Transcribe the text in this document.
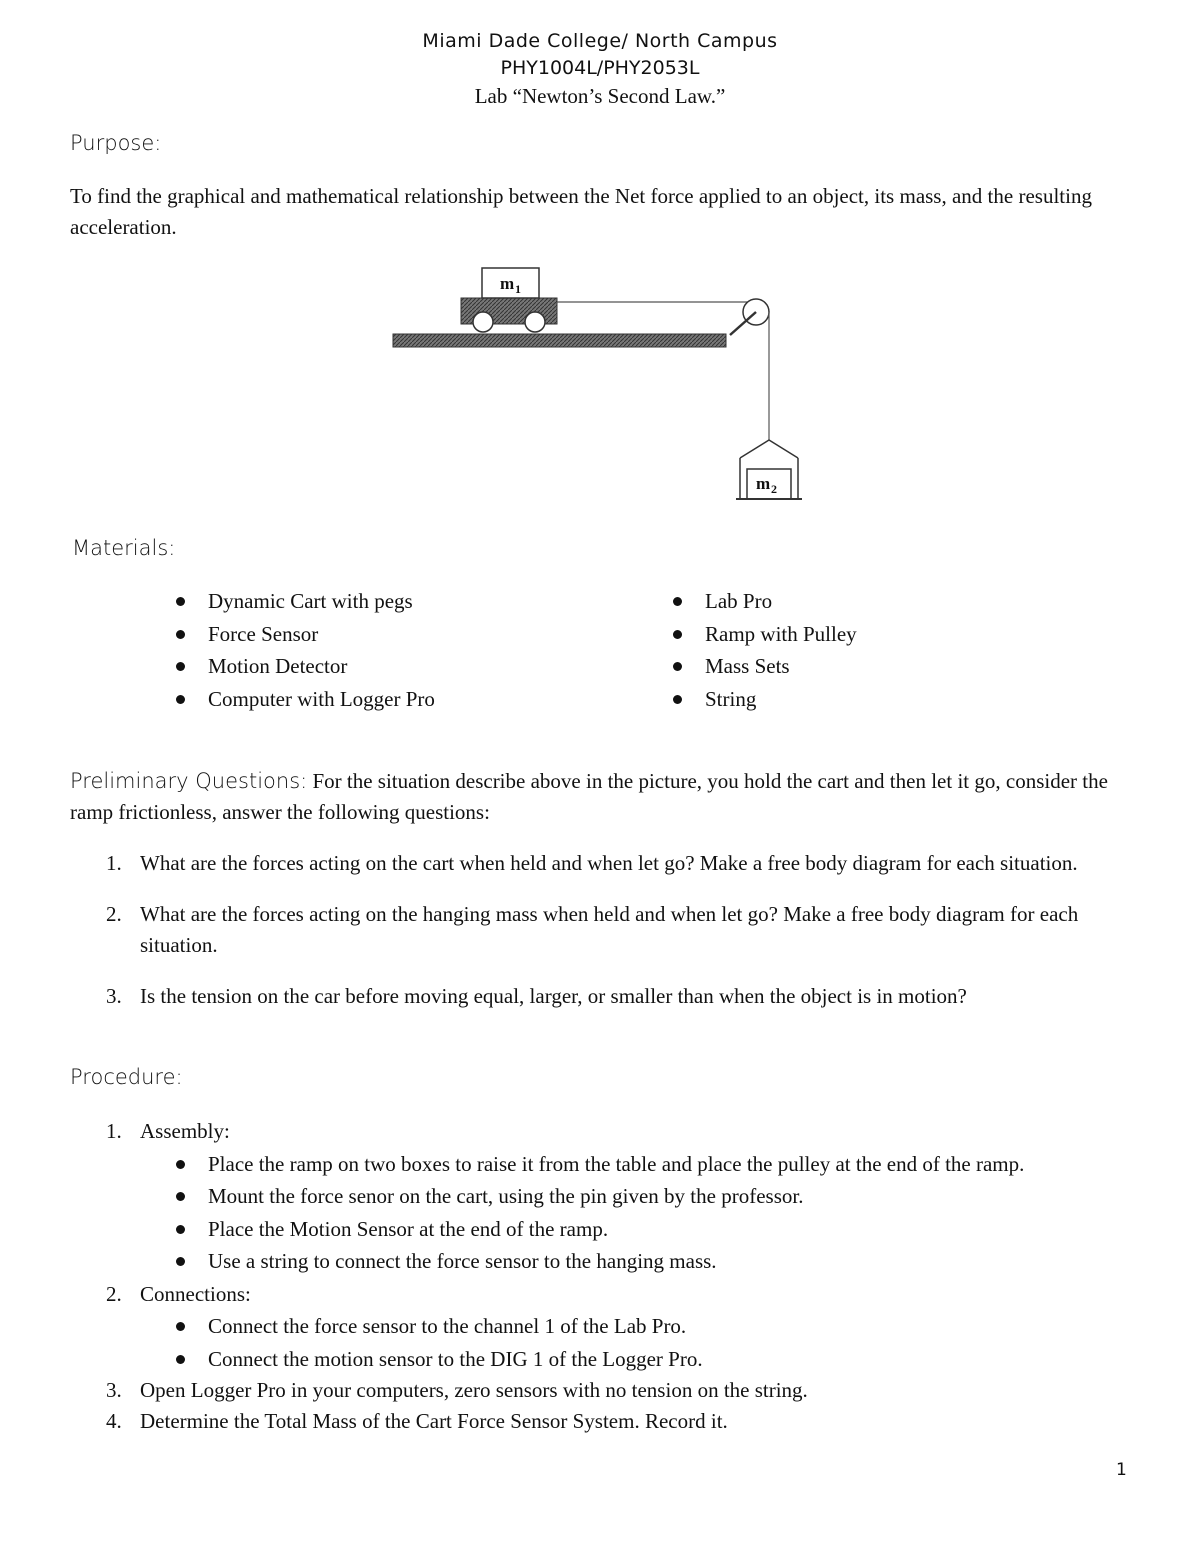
Miami Dade College/ North Campus
PHY1004L/PHY2053L
Lab “Newton’s Second Law.”
Purpose:
To find the graphical and mathematical relationship between the Net force applied to an object, its mass, and the resulting acceleration.
m 1
m 2
Materials:
Dynamic Cart with pegs
Force Sensor
Motion Detector
Computer with Logger Pro
Lab Pro
Ramp with Pulley
Mass Sets
String
Preliminary Questions: For the situation describe above in the picture, you hold the cart and then let it go, consider the ramp frictionless, answer the following questions:
1. What are the forces acting on the cart when held and when let go? Make a free body diagram for each situation.
2. What are the forces acting on the hanging mass when held and when let go? Make a free body diagram for each situation.
3. Is the tension on the car before moving equal, larger, or smaller than when the object is in motion?
Procedure:
1. Assembly:
Place the ramp on two boxes to raise it from the table and place the pulley at the end of the ramp.
Mount the force senor on the cart, using the pin given by the professor.
Place the Motion Sensor at the end of the ramp.
Use a string to connect the force sensor to the hanging mass.
2. Connections:
Connect the force sensor to the channel 1 of the Lab Pro.
Connect the motion sensor to the DIG 1 of the Logger Pro.
3. Open Logger Pro in your computers, zero sensors with no tension on the string.
4. Determine the Total Mass of the Cart Force Sensor System. Record it.
1
